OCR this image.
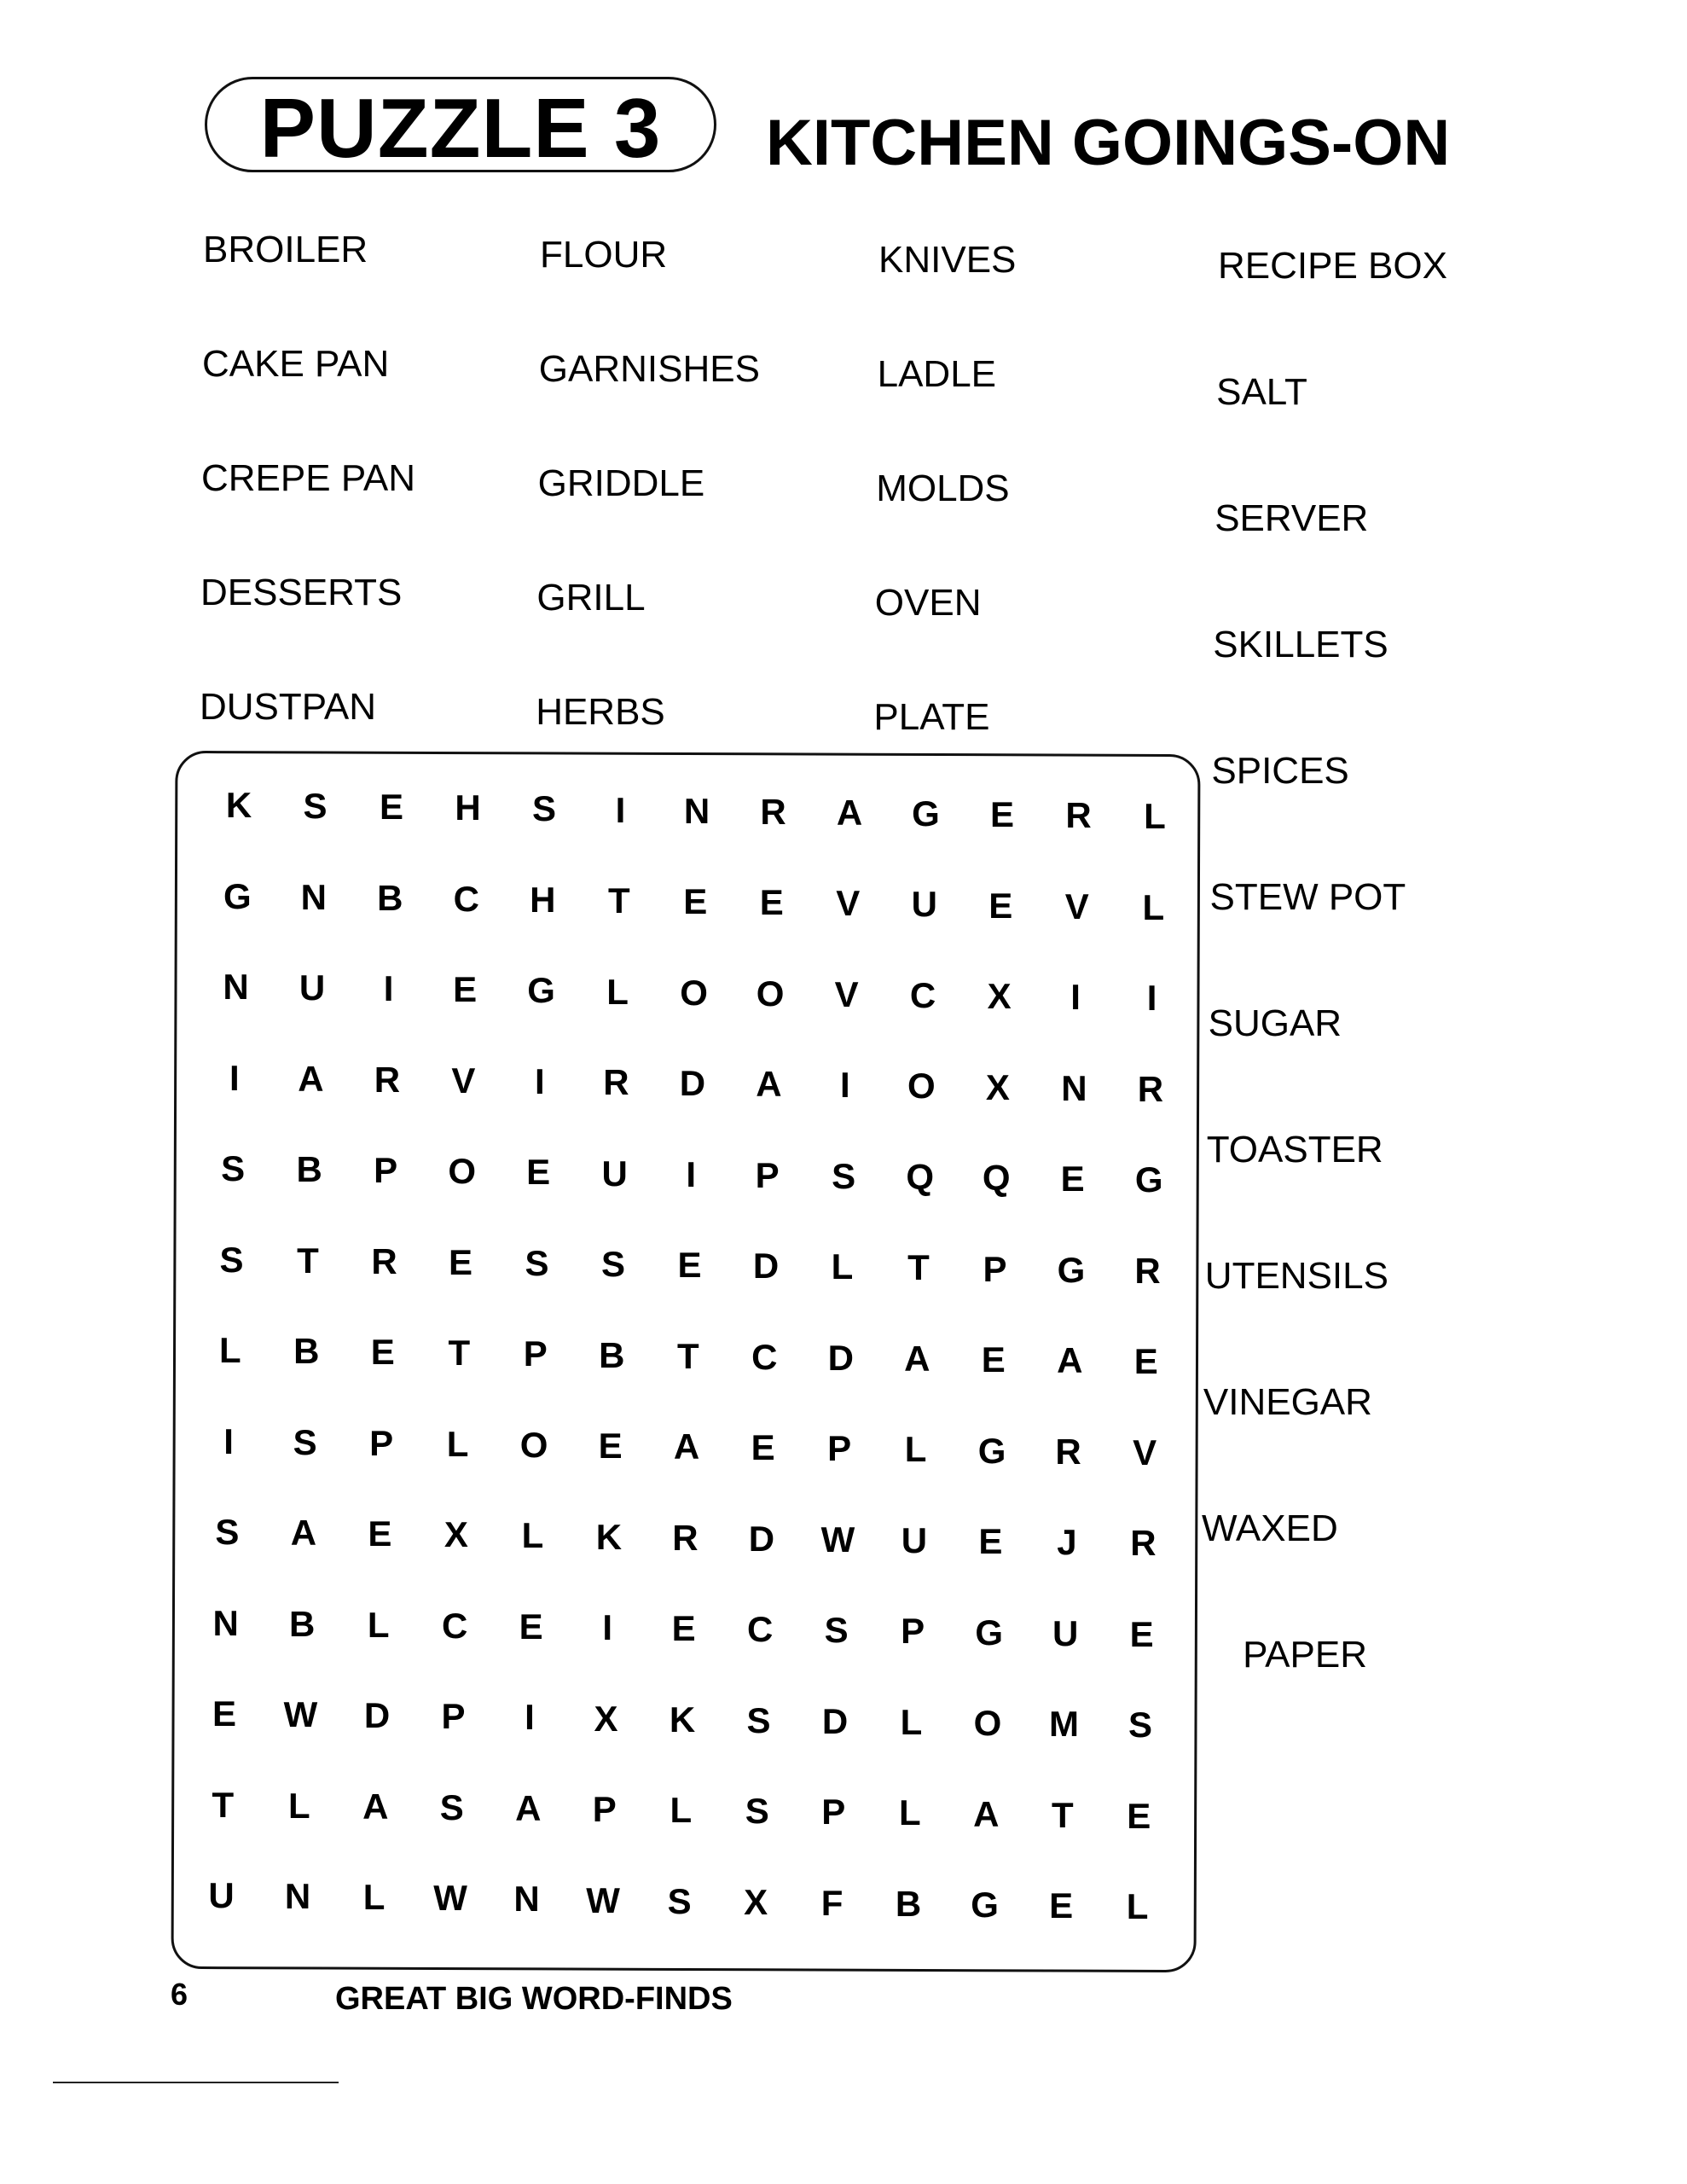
PUZZLE 3	KITCHEN GOINGS-ON
BROILER
CAKE PAN
CREPE PAN
DESSERTS
DUSTPAN
FLOUR
GARNISHES
GRIDDLE
GRILL
HERBS
KNIVES
LADLE
MOLDS
OVEN
PLATE
RECIPE BOX
SALT
SERVER
SKILLETS
SPICES
STEW POT
SUGAR
TOASTER
UTENSILS
VINEGAR
WAXED
PAPER
K	S	E	H	S	I	N	R	A	G	E	R	L
G	N	B	C	H	T	E	E	V	U	E	V	L
N	U	I	E	G	L	O	O	V	C	X	I	I
I	A	R	V	I	R	D	A	I	O	X	N	R
S	B	P	O	E	U	I	P	S	Q	Q	E	G
S	T	R	E	S	S	E	D	L	T	P	G	R
L	B	E	T	P	B	T	C	D	A	E	A	E
I	S	P	L	O	E	A	E	P	L	G	R	V
S	A	E	X	L	K	R	D	W	U	E	J	R
N	B	L	C	E	I	E	C	S	P	G	U	E
E	W	D	P	I	X	K	S	D	L	O	M	S
T	L	A	S	A	P	L	S	P	L	A	T	E
U	N	L	W	N	W	S	X	F	B	G	E	L
6	GREAT BIG WORD-FINDS
